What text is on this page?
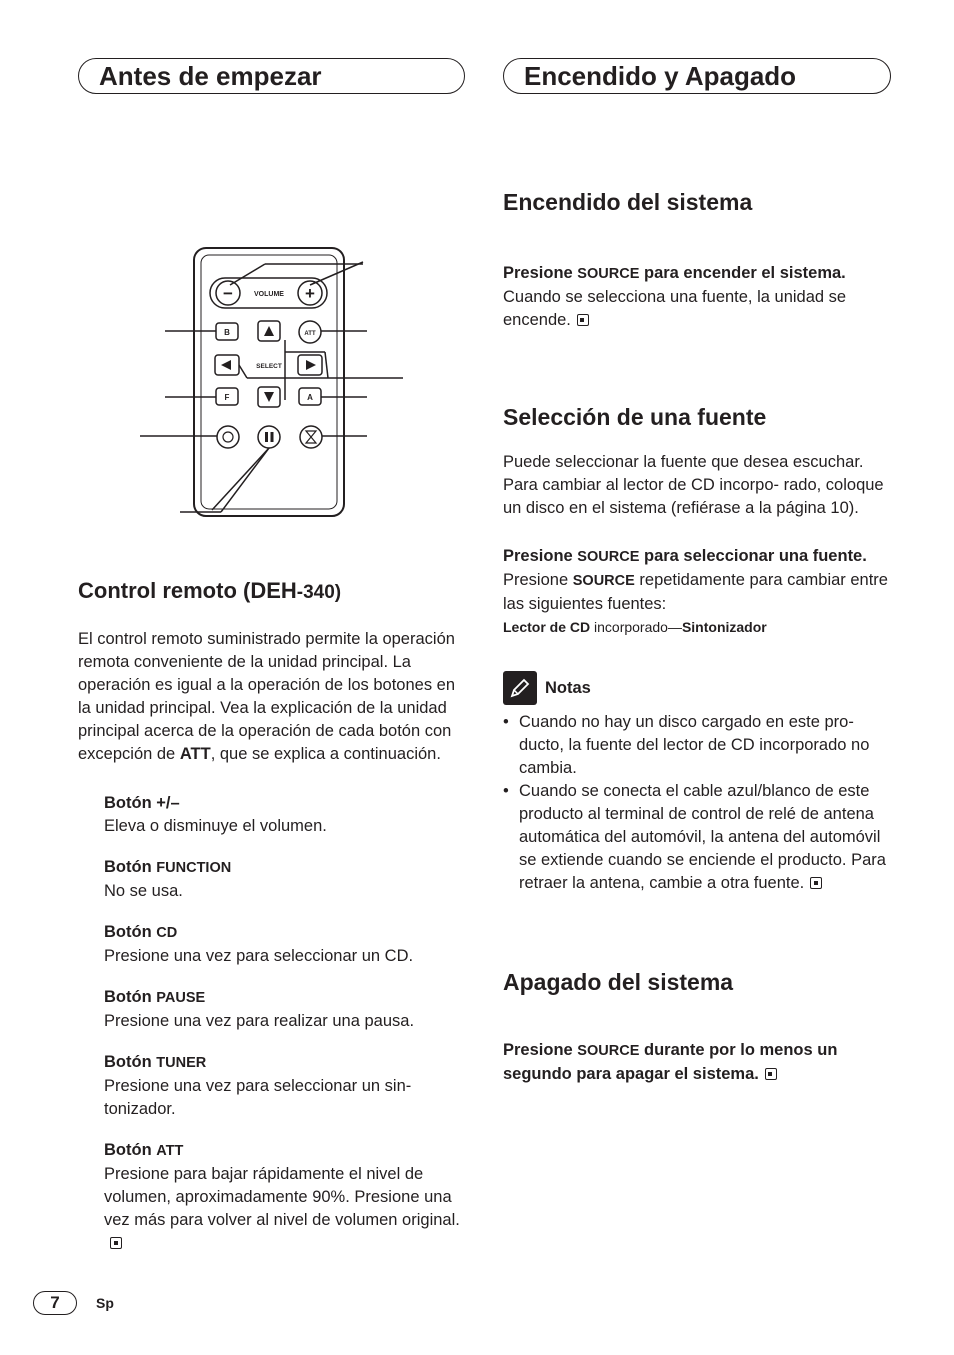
Antes de empezar	Encendido y Apagado
−	+
VOLUME
B	ATT
SELECT
F	A
Control remoto (DEH-340)

El control remoto suministrado permite la operación remota conveniente de la unidad principal. La operación es igual a la operación de los botones en la unidad principal. Vea la explicación de la unidad principal acerca de la operación de cada botón con excepción de ATT, que se explica a continuación.

Botón +/–
Eleva o disminuye el volumen.
Botón FUNCTION
No se usa.
Botón CD
Presione una vez para seleccionar un CD.
Botón PAUSE
Presione una vez para realizar una pausa.
Botón TUNER
Presione una vez para seleccionar un sin- tonizador.
Botón ATT
Presione para bajar rápidamente el nivel de volumen, aproximadamente 90%. Presione una vez más para volver al nivel de volumen original.
Encendido del sistema

Presione SOURCE para encender el sistema.

Cuando se selecciona una fuente, la unidad se encende.

Selección de una fuente

Puede seleccionar la fuente que desea escuchar. Para cambiar al lector de CD incorpo- rado, coloque un disco en el sistema (refiérase a la página 10).

Presione SOURCE para seleccionar una fuente.

Presione SOURCE repetidamente para cambiar entre las siguientes fuentes:

Lector de CD incorporado—Sintonizador

Notas
• Cuando no hay un disco cargado en este pro- ducto, la fuente del lector de CD incorporado no cambia.
• Cuando se conecta el cable azul/blanco de este producto al terminal de control de relé de antena automática del automóvil, la antena del automóvil se extiende cuando se enciende el producto. Para retraer la antena, cambie a otra fuente.
Apagado del sistema

Presione SOURCE durante por lo menos un segundo para apagar el sistema.

7	Sp
